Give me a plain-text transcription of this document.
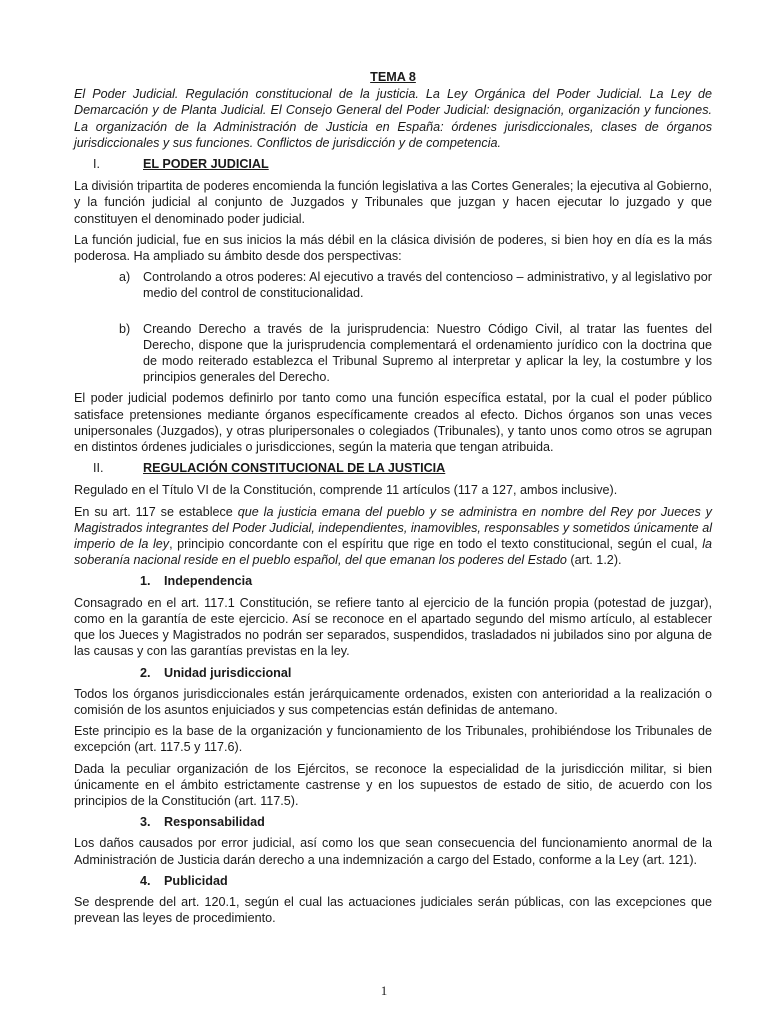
TEMA 8

El Poder Judicial. Regulación constitucional de la justicia. La Ley Orgánica del Poder Judicial. La Ley de Demarcación y de Planta Judicial. El Consejo General del Poder Judicial: designación, organización y funciones. La organización de la Administración de Justicia en España: órdenes jurisdiccionales, clases de órganos jurisdiccionales y sus funciones. Conflictos de jurisdicción y de competencia.

I.	EL PODER JUDICIAL

La división tripartita de poderes encomienda la función legislativa a las Cortes Generales; la ejecutiva al Gobierno, y la función judicial al conjunto de Juzgados y Tribunales que juzgan y hacen ejecutar lo juzgado y que constituyen el denominado poder judicial.

La función judicial, fue en sus inicios la más débil en la clásica división de poderes, si bien hoy en día es la más poderosa. Ha ampliado su ámbito desde dos perspectivas:

a)	Controlando a otros poderes: Al ejecutivo a través del contencioso – administrativo, y al legislativo por medio del control de constitucionalidad.
b)	Creando Derecho a través de la jurisprudencia: Nuestro Código Civil, al tratar las fuentes del Derecho, dispone que la jurisprudencia complementará el ordenamiento jurídico con la doctrina que de modo reiterado establezca el Tribunal Supremo al interpretar y aplicar la ley, la costumbre y los principios generales del Derecho.

El poder judicial podemos definirlo por tanto como una función específica estatal, por la cual el poder público satisface pretensiones mediante órganos específicamente creados al efecto. Dichos órganos son unas veces unipersonales (Juzgados), y otras pluripersonales o colegiados (Tribunales), y tanto unos como otros se agrupan en distintos órdenes judiciales o jurisdicciones, según la materia que tengan atribuida.

II.	REGULACIÓN CONSTITUCIONAL DE LA JUSTICIA

Regulado en el Título VI de la Constitución, comprende 11 artículos (117 a 127, ambos inclusive).

En su art. 117 se establece que la justicia emana del pueblo y se administra en nombre del Rey por Jueces y Magistrados integrantes del Poder Judicial, independientes, inamovibles, responsables y sometidos únicamente al imperio de la ley, principio concordante con el espíritu que rige en todo el texto constitucional, según el cual, la soberanía nacional reside en el pueblo español, del que emanan los poderes del Estado (art. 1.2).

1.	Independencia

Consagrado en el art. 117.1 Constitución, se refiere tanto al ejercicio de la función propia (potestad de juzgar), como en la garantía de este ejercicio. Así se reconoce en el apartado segundo del mismo artículo, al establecer que los Jueces y Magistrados no podrán ser separados, suspendidos, trasladados ni jubilados sino por alguna de las causas y con las garantías previstas en la ley.

2.	Unidad jurisdiccional

Todos los órganos jurisdiccionales están jerárquicamente ordenados, existen con anterioridad a la realización o comisión de los asuntos enjuiciados y sus competencias están definidas de antemano.

Este principio es la base de la organización y funcionamiento de los Tribunales, prohibiéndose los Tribunales de excepción (art. 117.5 y 117.6).

Dada la peculiar organización de los Ejércitos, se reconoce la especialidad de la jurisdicción militar, si bien únicamente en el ámbito estrictamente castrense y en los supuestos de estado de sitio, de acuerdo con los principios de la Constitución (art. 117.5).

3.	Responsabilidad

Los daños causados por error judicial, así como los que sean consecuencia del funcionamiento anormal de la Administración de Justicia darán derecho a una indemnización a cargo del Estado, conforme a la Ley (art. 121).

4.	Publicidad

Se desprende del art. 120.1, según el cual las actuaciones judiciales serán públicas, con las excepciones que prevean las leyes de procedimiento.

1
